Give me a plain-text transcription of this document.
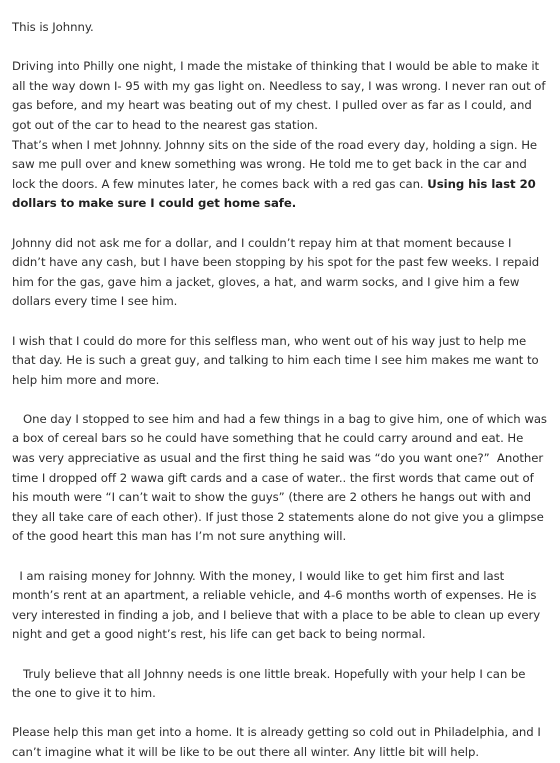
This is Johnny.

Driving into Philly one night, I made the mistake of thinking that I would be able to make it all the way down I- 95 with my gas light on. Needless to say, I was wrong. I never ran out of gas before, and my heart was beating out of my chest. I pulled over as far as I could, and got out of the car to head to the nearest gas station.

That’s when I met Johnny. Johnny sits on the side of the road every day, holding a sign. He saw me pull over and knew something was wrong. He told me to get back in the car and lock the doors. A few minutes later, he comes back with a red gas can. Using his last 20 dollars to make sure I could get home safe.

Johnny did not ask me for a dollar, and I couldn’t repay him at that moment because I didn’t have any cash, but I have been stopping by his spot for the past few weeks. I repaid him for the gas, gave him a jacket, gloves, a hat, and warm socks, and I give him a few dollars every time I see him.

I wish that I could do more for this selfless man, who went out of his way just to help me that day. He is such a great guy, and talking to him each time I see him makes me want to help him more and more.

One day I stopped to see him and had a few things in a bag to give him, one of which was a box of cereal bars so he could have something that he could carry around and eat. He was very appreciative as usual and the first thing he said was “do you want one?”  Another time I dropped off 2 wawa gift cards and a case of water.. the first words that came out of his mouth were “I can’t wait to show the guys” (there are 2 others he hangs out with and they all take care of each other). If just those 2 statements alone do not give you a glimpse of the good heart this man has I’m not sure anything will.

I am raising money for Johnny. With the money, I would like to get him first and last month’s rent at an apartment, a reliable vehicle, and 4-6 months worth of expenses. He is very interested in finding a job, and I believe that with a place to be able to clean up every night and get a good night’s rest, his life can get back to being normal.

Truly believe that all Johnny needs is one little break. Hopefully with your help I can be the one to give it to him.

Please help this man get into a home. It is already getting so cold out in Philadelphia, and I can’t imagine what it will be like to be out there all winter. Any little bit will help.
